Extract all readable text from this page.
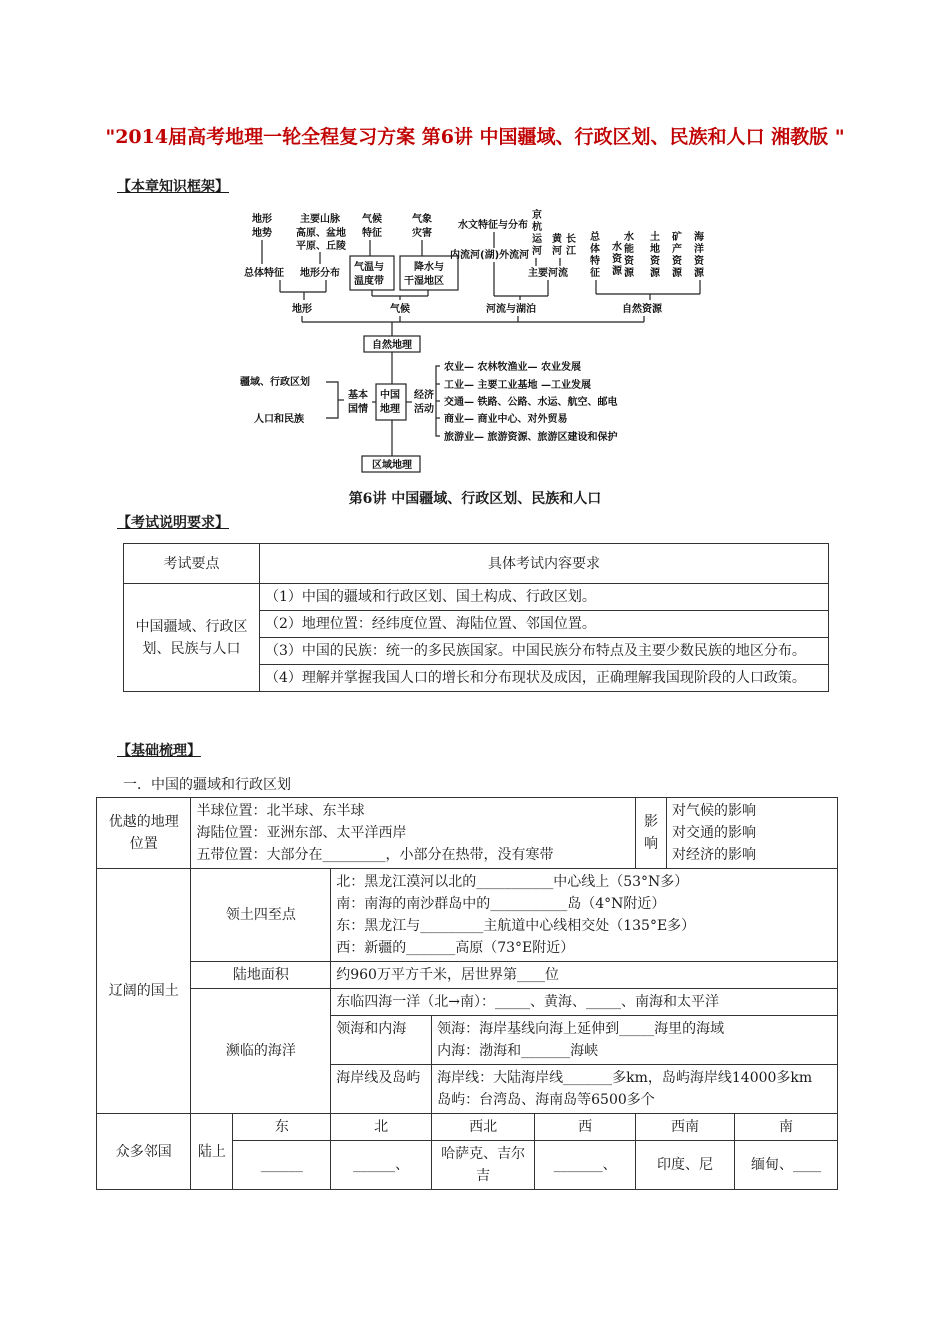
"2014届高考地理一轮全程复习方案 第6讲 中国疆域、行政区划、民族和人口 湘教版 "
【本章知识框架】
地形
地势
主要山脉
高原、盆地
平原、丘陵
气候
特征
气象
灾害
水文特征与分布
京
杭
运
河
黄
河
长
江
总
体
特
征
水
资
源
水
能
资
源
土
地
资
源
矿
产
资
源
海
洋
资
源
总体特征 地形分布
气温与
温度带
降水与
干湿地区
内流河(湖)外流河
主要河流
地形	气候	河流与湖泊	自然资源
自然地理
中国
地理
基本
国情
疆域、行政区划
人口和民族
经济
活动
农业— 农林牧渔业— 农业发展
工业— 主要工业基地 —工业发展
交通— 铁路、公路、水运、航空、邮电
商业— 商业中心、对外贸易
旅游业— 旅游资源、旅游区建设和保护
区域地理
第6讲 中国疆域、行政区划、民族和人口
【考试说明要求】
考试要点	具体考试内容要求
中国疆域、行政区划、民族与人口	（1）中国的疆域和行政区划、国土构成、行政区划。
	（2）地理位置：经纬度位置、海陆位置、邻国位置。
	（3）中国的民族：统一的多民族国家。中国民族分布特点及主要少数民族的地区分布。
	（4）理解并掌握我国人口的增长和分布现状及成因，正确理解我国现阶段的人口政策。
【基础梳理】
一．中国的疆域和行政区划
优越的地理位置	半球位置：北半球、东半球
海陆位置：亚洲东部、太平洋西岸
五带位置：大部分在_________，小部分在热带，没有寒带					影响	对气候的影响
对交通的影响
对经济的影响	

辽阔的国土	领土四至点		北：黑龙江漠河以北的___________中心线上（53°N多）
南：南海的南沙群岛中的___________岛（4°N附近）
东：黑龙江与_________主航道中心线相交处（135°E多）
西：新疆的_______高原（73°E附近）					

	陆地面积		约960万平方千米，居世界第____位					
	濒临的海洋		东临四海一洋（北→南）：_____、黄海、_____、南海和太平洋					
			领海和内海	领海：海岸基线向海上延伸到_____海里的海域
内海：渤海和_______海峡				

			海岸线及岛屿	海岸线：大陆海岸线_______多km，岛屿海岸线14000多km
岛屿：台湾岛、海南岛等6500多个				

众多邻国	陆上	东	北	西北	西	西南		南
		______	______、	哈萨克、吉尔吉	_______、	印度、尼		缅甸、____
